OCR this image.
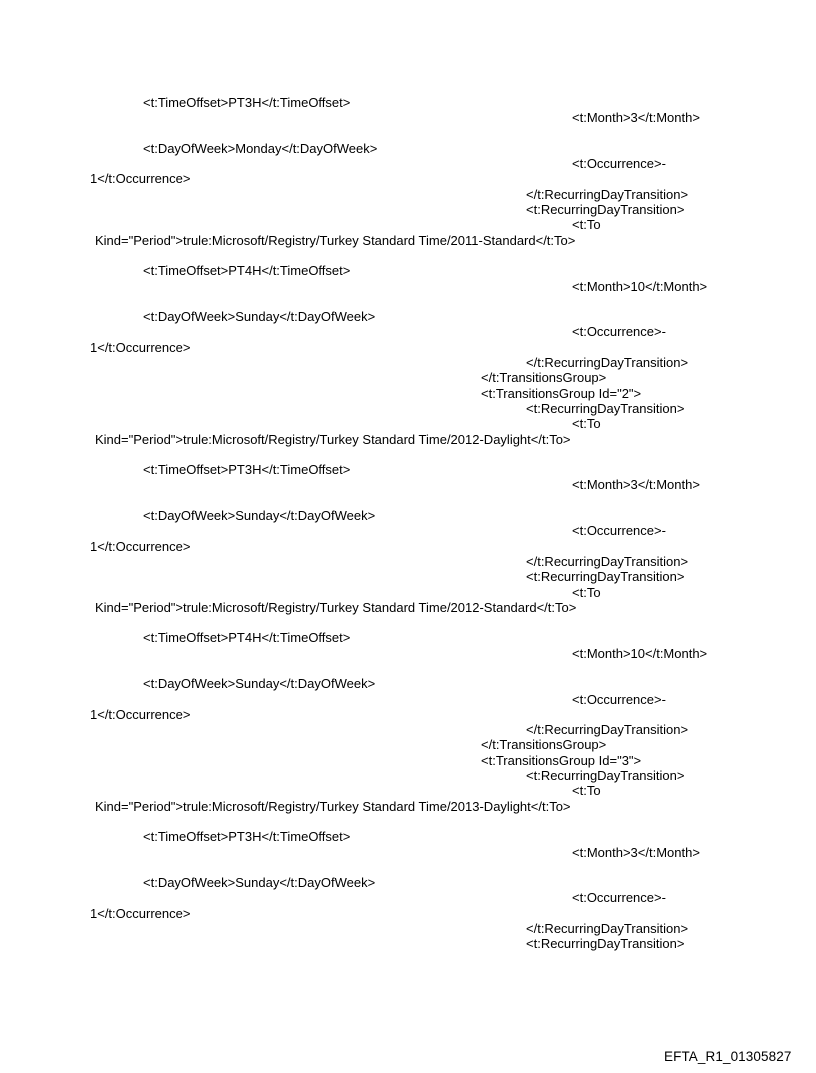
<t:TimeOffset>PT3H</t:TimeOffset>
<t:Month>3</t:Month>
<t:DayOfWeek>Monday</t:DayOfWeek>
<t:Occurrence>-
1</t:Occurrence>
</t:RecurringDayTransition>
<t:RecurringDayTransition>
<t:To
Kind="Period">trule:Microsoft/Registry/Turkey Standard Time/2011-Standard</t:To>
<t:TimeOffset>PT4H</t:TimeOffset>
<t:Month>10</t:Month>
<t:DayOfWeek>Sunday</t:DayOfWeek>
<t:Occurrence>-
1</t:Occurrence>
</t:RecurringDayTransition>
</t:TransitionsGroup>
<t:TransitionsGroup Id="2">
<t:RecurringDayTransition>
<t:To
Kind="Period">trule:Microsoft/Registry/Turkey Standard Time/2012-Daylight</t:To>
<t:TimeOffset>PT3H</t:TimeOffset>
<t:Month>3</t:Month>
<t:DayOfWeek>Sunday</t:DayOfWeek>
<t:Occurrence>-
1</t:Occurrence>
</t:RecurringDayTransition>
<t:RecurringDayTransition>
<t:To
Kind="Period">trule:Microsoft/Registry/Turkey Standard Time/2012-Standard</t:To>
<t:TimeOffset>PT4H</t:TimeOffset>
<t:Month>10</t:Month>
<t:DayOfWeek>Sunday</t:DayOfWeek>
<t:Occurrence>-
1</t:Occurrence>
</t:RecurringDayTransition>
</t:TransitionsGroup>
<t:TransitionsGroup Id="3">
<t:RecurringDayTransition>
<t:To
Kind="Period">trule:Microsoft/Registry/Turkey Standard Time/2013-Daylight</t:To>
<t:TimeOffset>PT3H</t:TimeOffset>
<t:Month>3</t:Month>
<t:DayOfWeek>Sunday</t:DayOfWeek>
<t:Occurrence>-
1</t:Occurrence>
</t:RecurringDayTransition>
<t:RecurringDayTransition>
EFTA_R1_01305827
